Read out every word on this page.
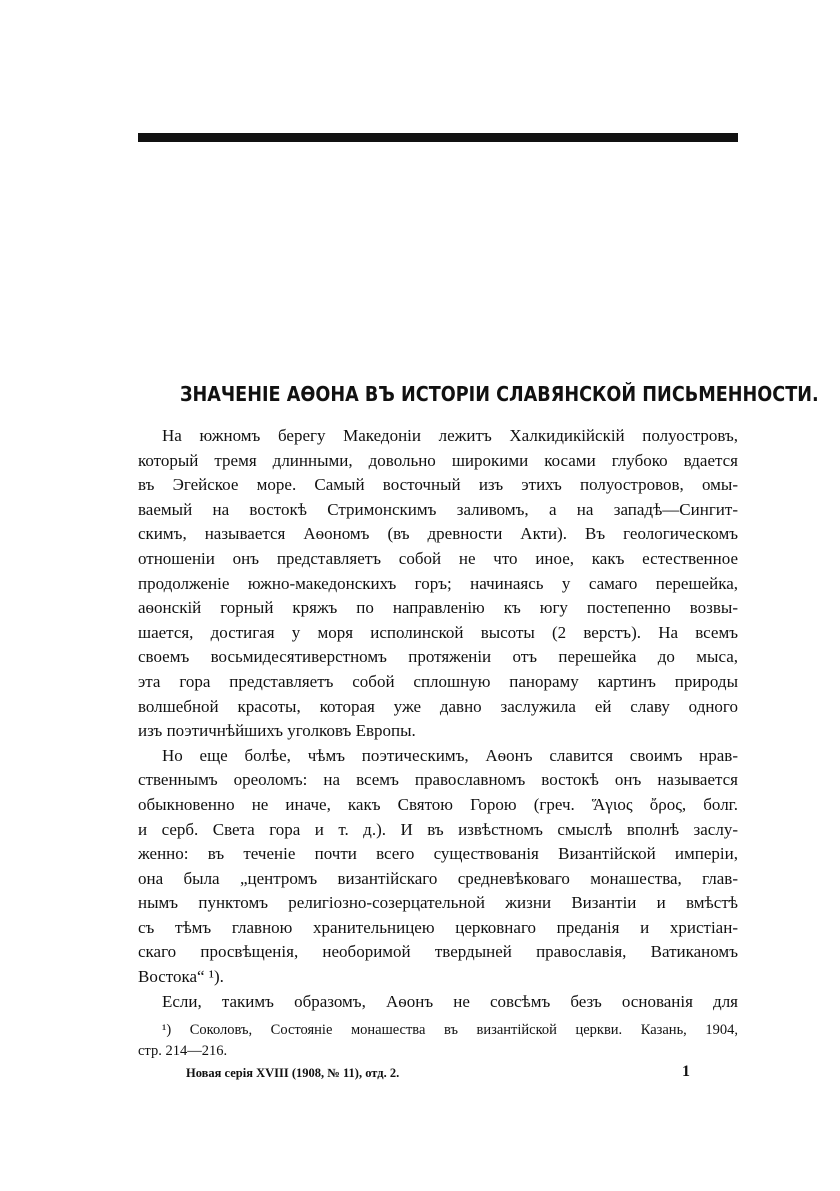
ЗНАЧЕНIЕ АѲОНА ВЪ ИСТОРIИ СЛАВЯНСКОЙ ПИСЬМЕННОСТИ.
На южномъ берегу Македонiи лежитъ Халкидикiйскiй полуостровъ,
который тремя длинными, довольно широкими косами глубоко вдается
въ Эгейское море. Самый восточный изъ этихъ полуостровов, омы-
ваемый на востокѣ Стримонскимъ заливомъ, а на западѣ—Сингит-
скимъ, называется Аѳономъ (въ древности Акти). Въ геологическомъ
отношенiи онъ представляетъ собой не что иное, какъ естественное
продолженiе южно-македонскихъ горъ; начинаясь у самаго перешейка,
аѳонскiй горный кряжъ по направленiю къ югу постепенно возвы-
шается, достигая у моря исполинской высоты (2 верстъ). На всемъ
своемъ восьмидесятиверстномъ протяженiи отъ перешейка до мыса,
эта гора представляетъ собой сплошную панораму картинъ природы
волшебной красоты, которая уже давно заслужила ей славу одного
изъ поэтичнѣйшихъ уголковъ Европы.
Но еще болѣе, чѣмъ поэтическимъ, Аѳонъ славится своимъ нрав-
ственнымъ ореоломъ: на всемъ православномъ востокѣ онъ называется
обыкновенно не иначе, какъ Святою Горою (греч. Ἅγιος ὄρος, болг.
и серб. Света гора и т. д.). И въ извѣстномъ смыслѣ вполнѣ заслу-
женно: въ теченiе почти всего существованiя Византiйской имперiи,
она была „центромъ византiйскаго средневѣковаго монашества, глав-
нымъ пунктомъ религiозно-созерцательной жизни Византiи и вмѣстѣ
съ тѣмъ главною хранительницею церковнаго преданiя и христiан-
скаго просвѣщенiя, необоримой твердыней православiя, Ватиканомъ
Востока“ ¹).
Если, такимъ образомъ, Аѳонъ не совсѣмъ безъ основанiя для
¹) Соколовъ, Состоянiе монашества въ византiйской церкви. Казань, 1904,
стр. 214—216.
Новая серiя XVIII (1908, № 11), отд. 2.	1
